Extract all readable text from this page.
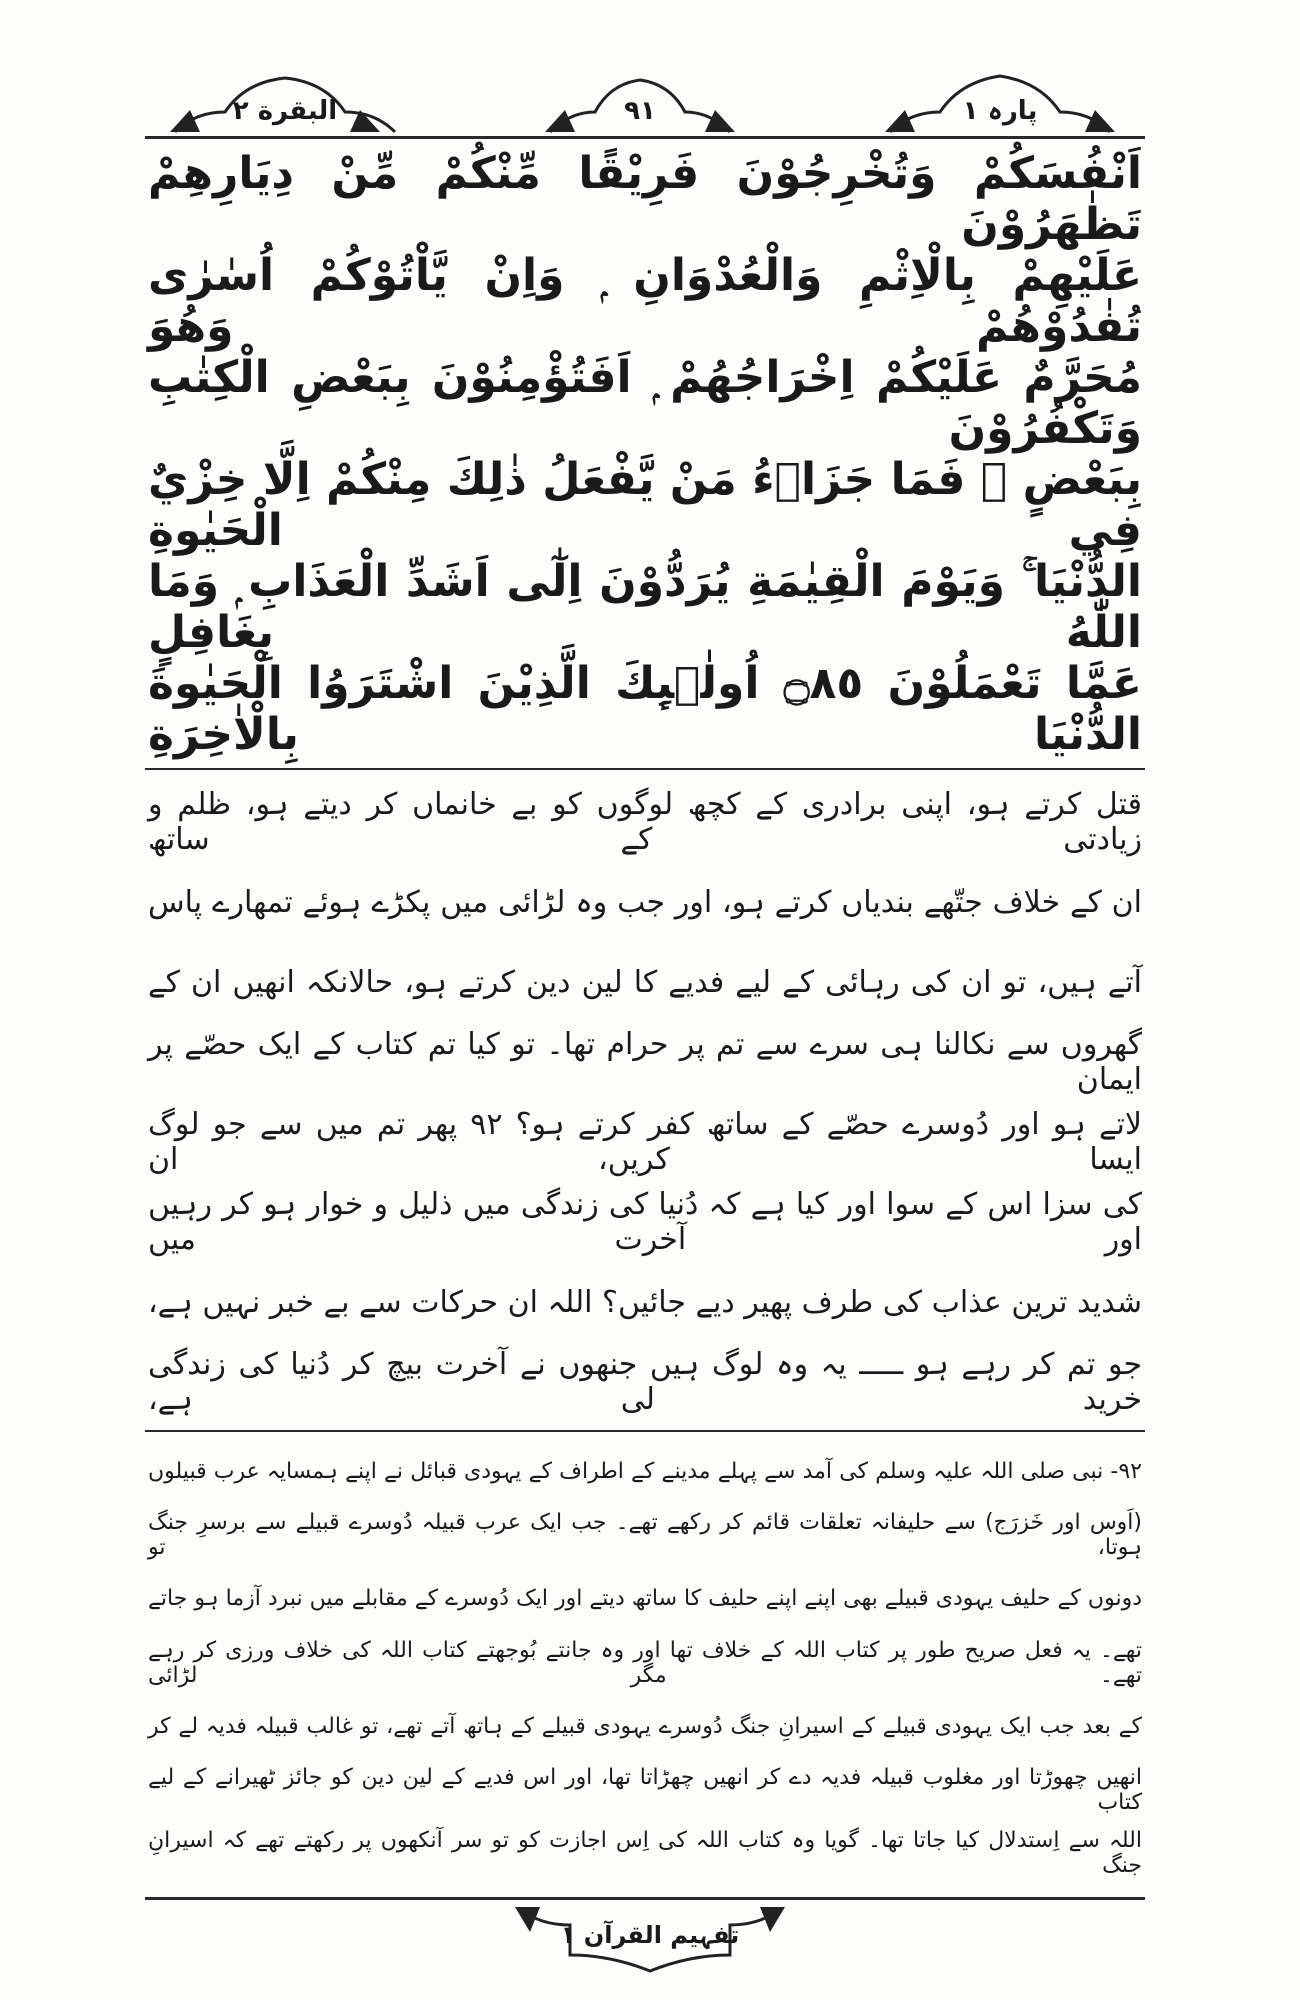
البقرة ٢	٩١	پارہ ۱
اَنْفُسَكُمْ وَتُخْرِجُوْنَ فَرِيْقًا مِّنْكُمْ مِّنْ دِيَارِهِمْ تَظٰهَرُوْنَ
عَلَيْهِمْ بِالْاِثْمِ وَالْعُدْوَانِ ۭ وَاِنْ يَّاْتُوْكُمْ اُسٰرٰى تُفٰدُوْهُمْ وَهُوَ
مُحَرَّمٌ عَلَيْكُمْ اِخْرَاجُهُمْ ۭ اَفَتُؤْمِنُوْنَ بِبَعْضِ الْكِتٰبِ وَتَكْفُرُوْنَ
بِبَعْضٍ ۚ فَمَا جَزَاۗءُ مَنْ يَّفْعَلُ ذٰلِكَ مِنْكُمْ اِلَّا خِزْيٌ فِي الْحَيٰوةِ
الدُّنْيَا ۚ وَيَوْمَ الْقِيٰمَةِ يُرَدُّوْنَ اِلٰٓى اَشَدِّ الْعَذَابِ ۭ وَمَا اللّٰهُ بِغَافِلٍ
عَمَّا تَعْمَلُوْنَ ۝٨٥ اُولٰۗىِٕكَ الَّذِيْنَ اشْتَرَوُا الْحَيٰوةَ الدُّنْيَا بِالْاٰخِرَةِ
قتل کرتے ہو، اپنی برادری کے کچھ لوگوں کو بے خانماں کر دیتے ہو، ظلم و زیادتی کے ساتھ
ان کے خلاف جتّھے بندیاں کرتے ہو، اور جب وہ لڑائی میں پکڑے ہوئے تمھارے پاس
آتے ہیں، تو ان کی رہائی کے لیے فدیے کا لین دین کرتے ہو، حالانکہ انھیں ان کے
گھروں سے نکالنا ہی سرے سے تم پر حرام تھا۔ تو کیا تم کتاب کے ایک حصّے پر ایمان
لاتے ہو اور دُوسرے حصّے کے ساتھ کفر کرتے ہو؟ ٩٢ پھر تم میں سے جو لوگ ایسا کریں، ان
کی سزا اس کے سوا اور کیا ہے کہ دُنیا کی زندگی میں ذلیل و خوار ہو کر رہیں اور آخرت میں
شدید ترین عذاب کی طرف پھیر دیے جائیں؟ اللہ ان حرکات سے بے خبر نہیں ہے،
جو تم کر رہے ہو ـــــ یہ وہ لوگ ہیں جنھوں نے آخرت بیچ کر دُنیا کی زندگی خرید لی ہے،
٩٢- نبی صلی اللہ علیہ وسلم کی آمد سے پہلے مدینے کے اطراف کے یہودی قبائل نے اپنے ہمسایہ عرب قبیلوں
(اَوس اور خَزرَج) سے حلیفانہ تعلقات قائم کر رکھے تھے۔ جب ایک عرب قبیلہ دُوسرے قبیلے سے برسرِ جنگ ہوتا، تو
دونوں کے حلیف یہودی قبیلے بھی اپنے اپنے حلیف کا ساتھ دیتے اور ایک دُوسرے کے مقابلے میں نبرد آزما ہو جاتے
تھے۔ یہ فعل صریح طور پر کتاب اللہ کے خلاف تھا اور وہ جانتے بُوجھتے کتاب اللہ کی خلاف ورزی کر رہے تھے۔ مگر لڑائی
کے بعد جب ایک یہودی قبیلے کے اسیرانِ جنگ دُوسرے یہودی قبیلے کے ہاتھ آتے تھے، تو غالب قبیلہ فدیہ لے کر
انھیں چھوڑتا اور مغلوب قبیلہ فدیہ دے کر انھیں چھڑاتا تھا، اور اس فدیے کے لین دین کو جائز ٹھیرانے کے لیے کتاب
اللہ سے اِستدلال کیا جاتا تھا۔ گویا وہ کتاب اللہ کی اِس اجازت کو تو سر آنکھوں پر رکھتے تھے کہ اسیرانِ جنگ
تفہیم القرآن ۱
